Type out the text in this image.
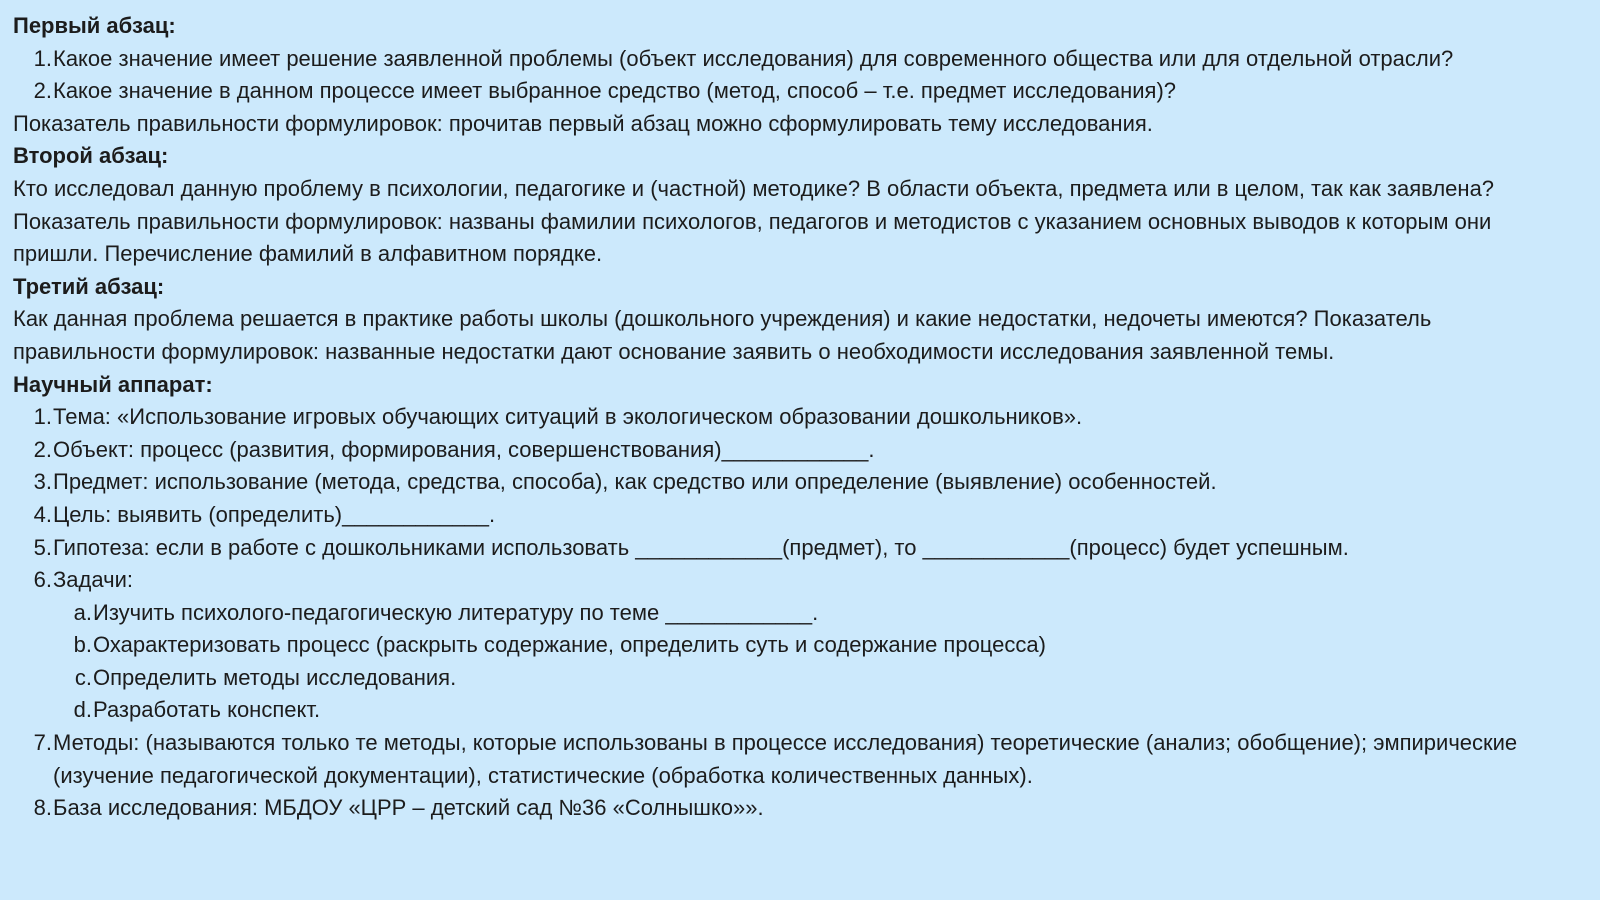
Первый абзац:

1. Какое значение имеет решение заявленной проблемы (объект исследования) для современного общества или для отдельной отрасли?
2. Какое значение в данном процессе имеет выбранное средство (метод, способ – т.е. предмет исследования)?

Показатель правильности формулировок: прочитав первый абзац можно сформулировать тему исследования.

Второй абзац:

Кто исследовал данную проблему в психологии, педагогике и (частной) методике? В области объекта, предмета или в целом, так как заявлена? Показатель правильности формулировок: названы фамилии психологов, педагогов и методистов с указанием основных выводов к которым они пришли. Перечисление фамилий в алфавитном порядке.

Третий абзац:

Как данная проблема решается в практике работы школы (дошкольного учреждения) и какие недостатки, недочеты имеются? Показатель правильности формулировок: названные недостатки дают основание заявить о необходимости исследования заявленной темы.

Научный аппарат:

1. Тема: «Использование игровых обучающих ситуаций в экологическом образовании дошкольников».
2. Объект: процесс (развития, формирования, совершенствования)____________.
3. Предмет: использование (метода, средства, способа), как средство или определение (выявление) особенностей.
4. Цель: выявить (определить)____________.
5. Гипотеза: если в работе с дошкольниками использовать ____________(предмет), то ____________(процесс) будет успешным.
6. Задачи:
a. Изучить психолого-педагогическую литературу по теме ____________.
b. Охарактеризовать процесс (раскрыть содержание, определить суть и содержание процесса)
c. Определить методы исследования.
d. Разработать конспект.
7. Методы: (называются только те методы, которые использованы в процессе исследования) теоретические (анализ; обобщение); эмпирические (изучение педагогической документации), статистические (обработка количественных данных).
8. База исследования: МБДОУ «ЦРР – детский сад №36 «Солнышко»».
